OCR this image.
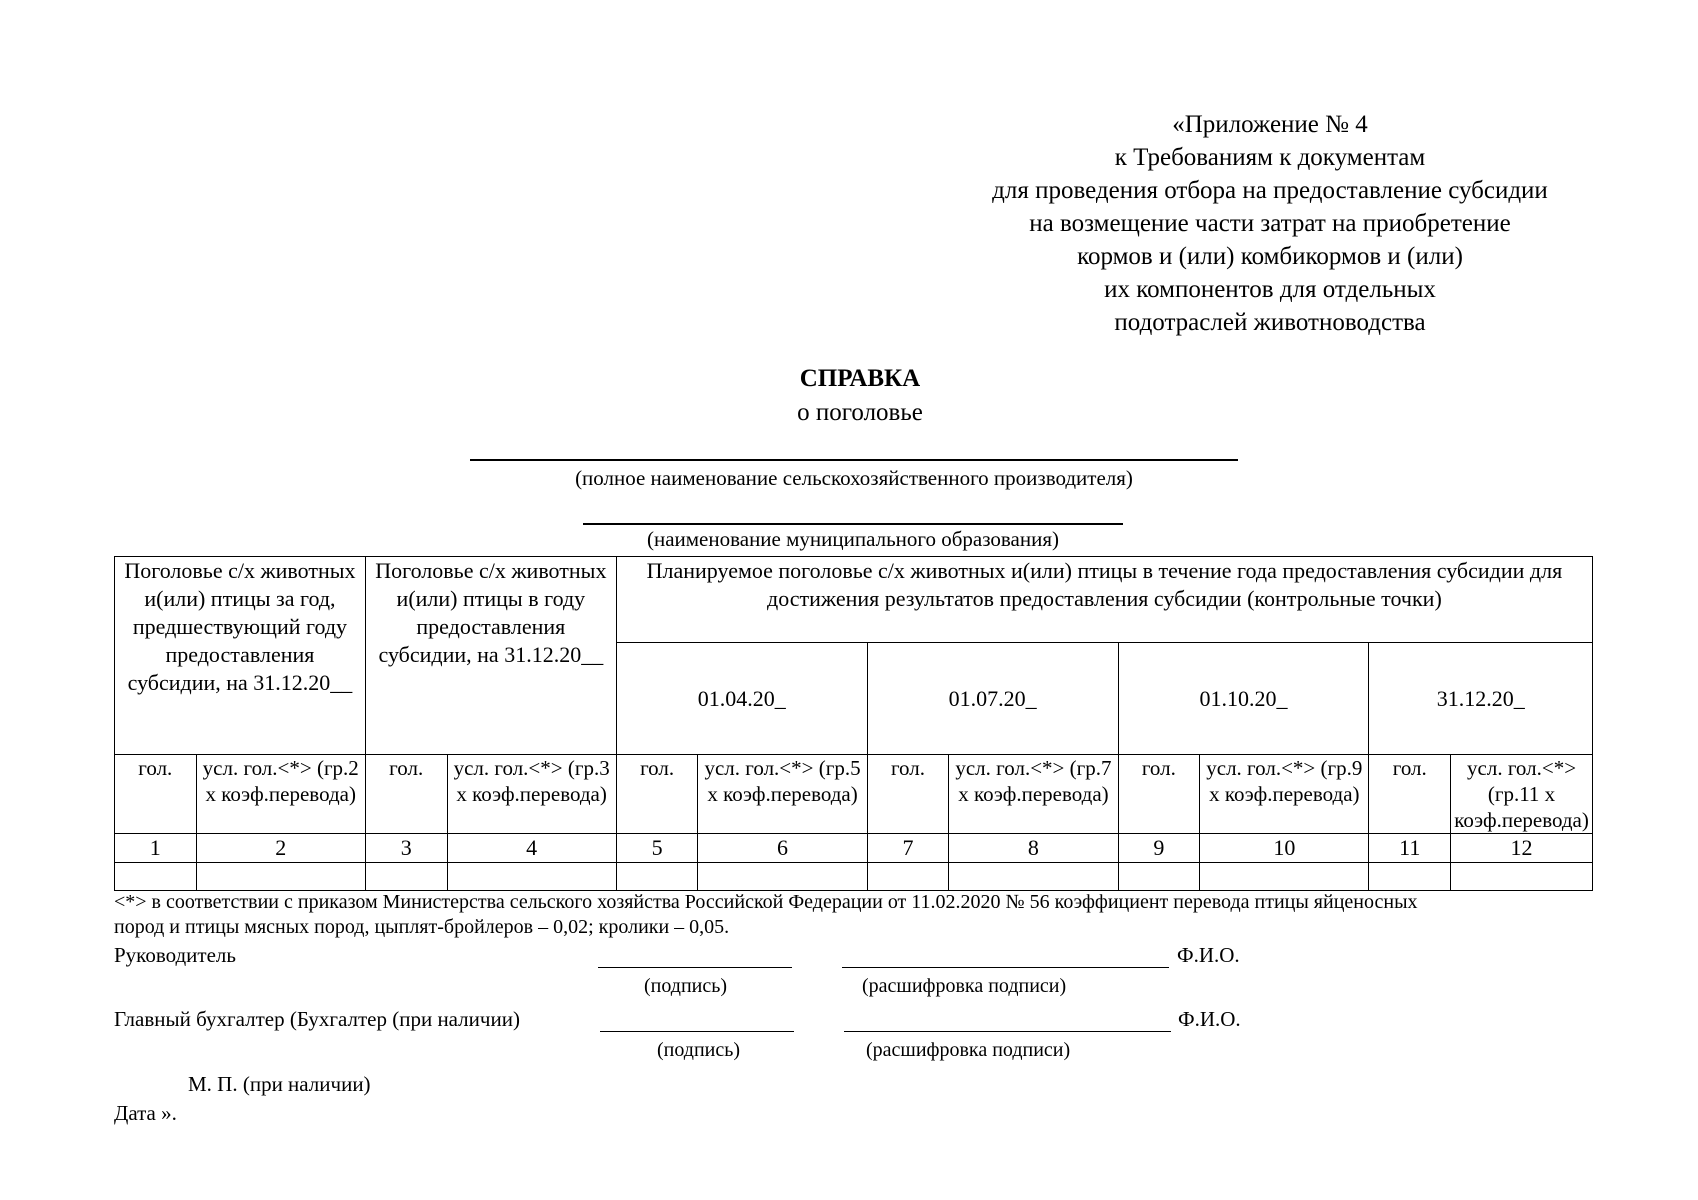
«Приложение № 4
к Требованиям к документам
для проведения отбора на предоставление субсидии
на возмещение части затрат на приобретение
кормов и (или) комбикормов и (или)
их компонентов для отдельных
подотраслей животноводства
СПРАВКА
о поголовье
(полное наименование сельскохозяйственного производителя)
(наименование муниципального образования)
Поголовье с/х животных и(или) птицы за год, предшествующий году предоставления субсидии, на 31.12.20__		Поголовье с/х животных и(или) птицы в году предоставления субсидии, на 31.12.20__		Планируемое поголовье с/х животных и(или) птицы в течение года предоставления субсидии для достижения результатов предоставления субсидии (контрольные точки)							
				01.04.20_		01.07.20_		01.10.20_		31.12.20_	
гол.	усл. гол.<*> (гр.2 х коэф.перевода)	гол.	усл. гол.<*> (гр.3 х коэф.перевода)	гол.	усл. гол.<*> (гр.5 х коэф.перевода)	гол.	усл. гол.<*> (гр.7 х коэф.перевода)	гол.	усл. гол.<*> (гр.9 х коэф.перевода)	гол.	усл. гол.<*> (гр.11 х коэф.перевода)
1	2	3	4	5	6	7	8	9	10	11	12

<*> в соответствии с приказом Министерства сельского хозяйства Российской Федерации от 11.02.2020 № 56 коэффициент перевода птицы яйценосных
пород и птицы мясных пород, цыплят-бройлеров – 0,02; кролики – 0,05.
Руководитель	Ф.И.О.
(подпись)	(расшифровка подписи)
Главный бухгалтер (Бухгалтер (при наличии)	Ф.И.О.
(подпись)	(расшифровка подписи)
М. П. (при наличии)
Дата ».
